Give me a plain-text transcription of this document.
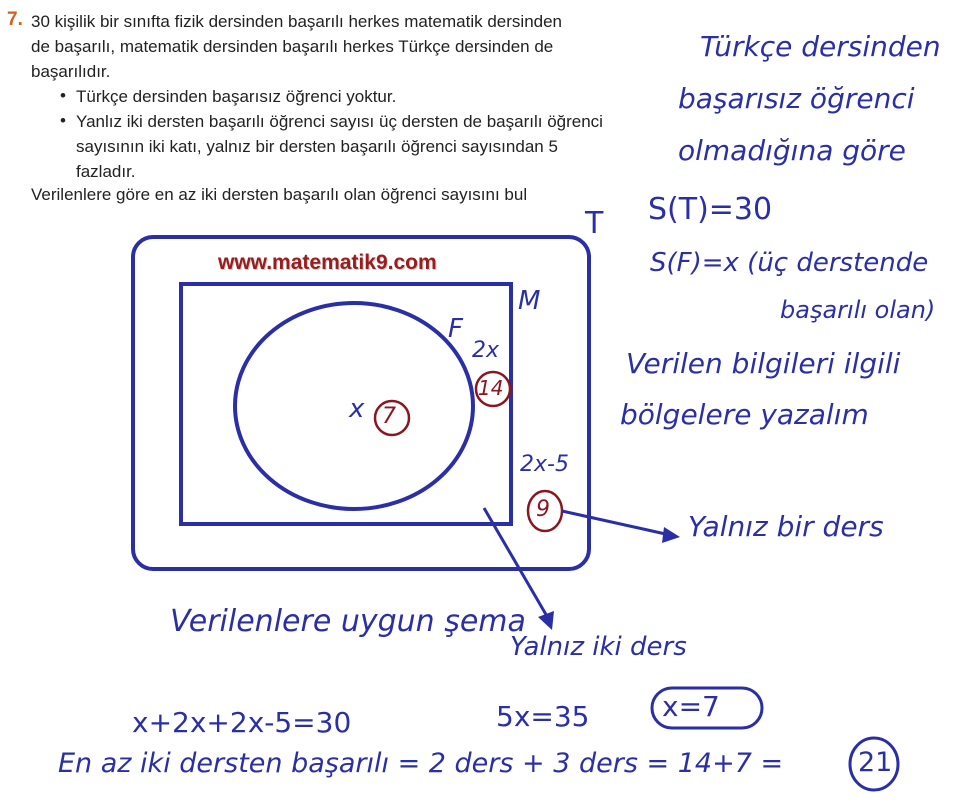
7. 30 kişilik bir sınıfta fizik dersinden başarılı herkes matematik dersinden
de başarılı, matematik dersinden başarılı herkes Türkçe dersinden de
başarılıdır.
• Türkçe dersinden başarısız öğrenci yoktur.
• Yanlız iki dersten başarılı öğrenci sayısı üç dersten de başarılı öğrenci
sayısının iki katı, yalnız bir dersten başarılı öğrenci sayısından 5
fazladır.
Verilenlere göre en az iki dersten başarılı olan öğrenci sayısını bul
www.matematik9.com
T
M
F
x 7
2x
14
2x-5
9
Türkçe dersinden
başarısız öğrenci
olmadığına göre
S(T)=30
S(F)=x (üç derstende
başarılı olan)
Verilen bilgileri ilgili
bölgelere yazalım
Yalnız bir ders
Verilenlere uygun şema
Yalnız iki ders
x+2x+2x-5=30	5x=35	x=7
En az iki dersten başarılı = 2 ders + 3 ders = 14+7 =	21
